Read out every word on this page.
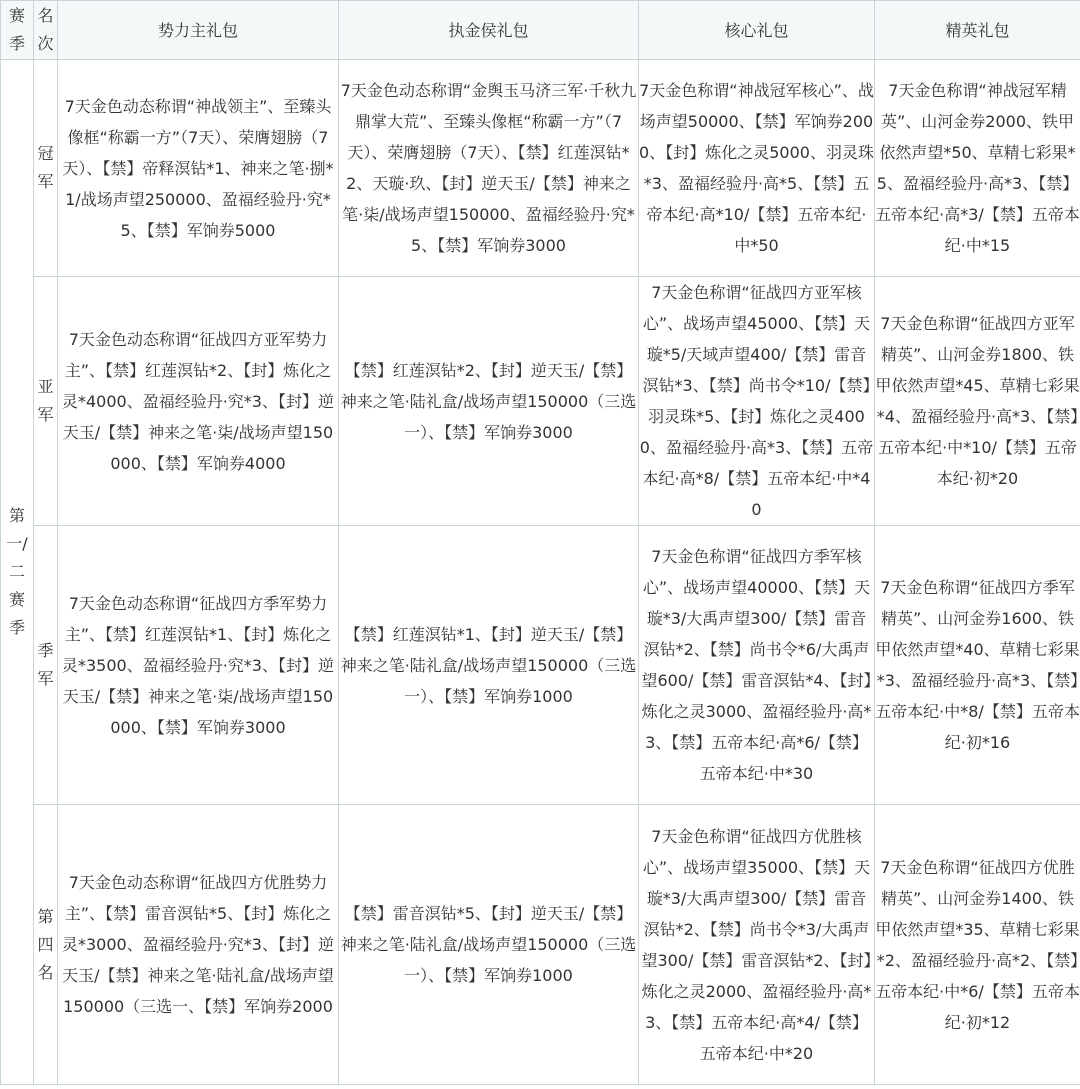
赛季	名次	势力主礼包	执金侯礼包	核心礼包	精英礼包
第一/二赛季	冠军	7天金色动态称谓“神战领主”、至臻头像框“称霸一方”（7天）、荣膺翅膀（7天）、【禁】帝释溟钻*1、神来之笔·捌*1/战场声望250000、盈福经验丹·究*5、【禁】军饷券5000	7天金色动态称谓“金舆玉马济三军·千秋九鼎掌大荒”、至臻头像框“称霸一方”（7天）、荣膺翅膀（7天）、【禁】红莲溟钻*2、天璇·玖、【封】逆天玉/【禁】神来之笔·柒/战场声望150000、盈福经验丹·究*5、【禁】军饷券3000	7天金色称谓“神战冠军核心”、战场声望50000、【禁】军饷券2000、【封】炼化之灵5000、羽灵珠*3、盈福经验丹·高*5、【禁】五帝本纪·高*10/【禁】五帝本纪·中*50	7天金色称谓“神战冠军精英”、山河金券2000、铁甲依然声望*50、草精七彩果*5、盈福经验丹·高*3、【禁】五帝本纪·高*3/【禁】五帝本纪·中*15
	亚军	7天金色动态称谓“征战四方亚军势力主”、【禁】红莲溟钻*2、【封】炼化之灵*4000、盈福经验丹·究*3、【封】逆天玉/【禁】神来之笔·柒/战场声望150000、【禁】军饷券4000	【禁】红莲溟钻*2、【封】逆天玉/【禁】神来之笔·陆礼盒/战场声望150000（三选一）、【禁】军饷券3000	7天金色称谓“征战四方亚军核心”、战场声望45000、【禁】天璇*5/天域声望400/【禁】雷音溟钻*3、【禁】尚书令*10/【禁】羽灵珠*5、【封】炼化之灵4000、盈福经验丹·高*3、【禁】五帝本纪·高*8/【禁】五帝本纪·中*40	7天金色称谓“征战四方亚军精英”、山河金券1800、铁甲依然声望*45、草精七彩果*4、盈福经验丹·高*3、【禁】五帝本纪·中*10/【禁】五帝本纪·初*20
	季军	7天金色动态称谓“征战四方季军势力主”、【禁】红莲溟钻*1、【封】炼化之灵*3500、盈福经验丹·究*3、【封】逆天玉/【禁】神来之笔·柒/战场声望150000、【禁】军饷券3000	【禁】红莲溟钻*1、【封】逆天玉/【禁】神来之笔·陆礼盒/战场声望150000（三选一）、【禁】军饷券1000	7天金色称谓“征战四方季军核心”、战场声望40000、【禁】天璇*3/大禹声望300/【禁】雷音溟钻*2、【禁】尚书令*6/大禹声望600/【禁】雷音溟钻*4、【封】炼化之灵3000、盈福经验丹·高*3、【禁】五帝本纪·高*6/【禁】五帝本纪·中*30	7天金色称谓“征战四方季军精英”、山河金券1600、铁甲依然声望*40、草精七彩果*3、盈福经验丹·高*3、【禁】五帝本纪·中*8/【禁】五帝本纪·初*16
	第四名	7天金色动态称谓“征战四方优胜势力主”、【禁】雷音溟钻*5、【封】炼化之灵*3000、盈福经验丹·究*3、【封】逆天玉/【禁】神来之笔·陆礼盒/战场声望150000（三选一、【禁】军饷券2000	【禁】雷音溟钻*5、【封】逆天玉/【禁】神来之笔·陆礼盒/战场声望150000（三选一）、【禁】军饷券1000	7天金色称谓“征战四方优胜核心”、战场声望35000、【禁】天璇*3/大禹声望300/【禁】雷音溟钻*2、【禁】尚书令*3/大禹声望300/【禁】雷音溟钻*2、【封】炼化之灵2000、盈福经验丹·高*3、【禁】五帝本纪·高*4/【禁】五帝本纪·中*20	7天金色称谓“征战四方优胜精英”、山河金券1400、铁甲依然声望*35、草精七彩果*2、盈福经验丹·高*2、【禁】五帝本纪·中*6/【禁】五帝本纪·初*12
